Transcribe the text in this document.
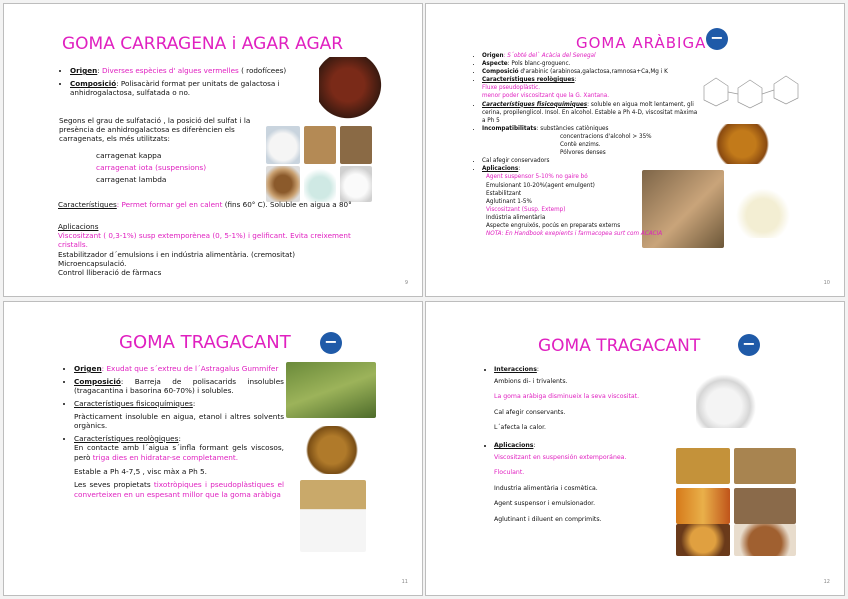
GOMA CARRAGENA i AGAR AGAR
• Origen: Diverses espècies d' algues vermelles ( rodofícees)
• Composició: Polisacàrid format per unitats de galactosa i anhidrogalactosa, sulfatada o no.
Segons el grau de sulfatació , la posició del sulfat i la presència de anhidrogalactosa es diferèncien els carragenats, els més utilitzats:
carragenat kappa
carragenat iota (suspensions)
carragenat lambda
Característiques: Permet formar gel en calent (fins 60° C). Soluble en aigua a 80°
Aplicacions
Viscositzant ( 0,3-1%) susp extemporènea (0, 5-1%) i gelificant. Evita creixement cristalls.
Estabilitzador d´emulsions i en indústria alimentària. (cremositat)
Microencapsulació.
Control lliberació de fàrmacs
9
GOMA ARÀBIGA −
• Origen: S´obté del` Acàcia del Senegal
• Aspecte: Pols blanc-groguenc.
• Composició d'arabinic (arabinosa,galactosa,ramnosa+Ca,Mg i K
• Característiques reològiques:
Fluxe pseudoplàstic.
menor poder viscositzant que la G. Xantana.
• Característiques fisicoquímiques: soluble en aigua molt lentament, gli cerina, propilenglicol. Insol. En alcohol. Estable a Ph 4-D, viscositat màxima a Ph 5
• Incompatibilitats: substàncies catiòniques
concentracions d'alcohol > 35%
Contè enzims.
Pólvores denses
• Cal afegir conservadors
• Aplicacions:
Agent suspensor 5-10% no gaire bó
Emulsionant 10-20%(agent emulgent)
Estabilitzant
Aglutinant 1-5%
Viscositzant (Susp. Extemp)
Indústria alimentària
Aspecte engruixós, pocús en preparats externs
NOTA: En Handbook exepients i farmacopea surt com ACACIA
10
GOMA TRAGACANT −
• Origen: Exudat que s´extreu de l´Astragalus Gummifer
• Composició: Barreja de polisacarids insolubles (tragacantina i basorina 60-70%) i solubles.
• Característiques fisicoquímiques:
Pràcticament insoluble en aigua, etanol i altres solvents orgànics.
• Característiques reològiques:
En contacte amb l´aigua s´infla formant gels viscosos, però triga dies en hidratar-se completament.
Estable a Ph 4-7,5 , visc màx a Ph 5.
Les seves propietats tixotròpiques i pseudoplàstiques el converteixen en un espesant millor que la goma aràbiga
11
GOMA TRAGACANT	−
• Interaccions:
Ambions di- i trivalents.
La goma aràbiga disminueix la seva viscositat.
Cal afegir conservants.
L´afecta la calor.
• Aplicacions:
Viscositzant en suspensión extemporánea.
Floculant.
Industria alimentària i cosmètica.
Agent suspensor i emulsionador.
Aglutinant i diluent en comprimits.
12
